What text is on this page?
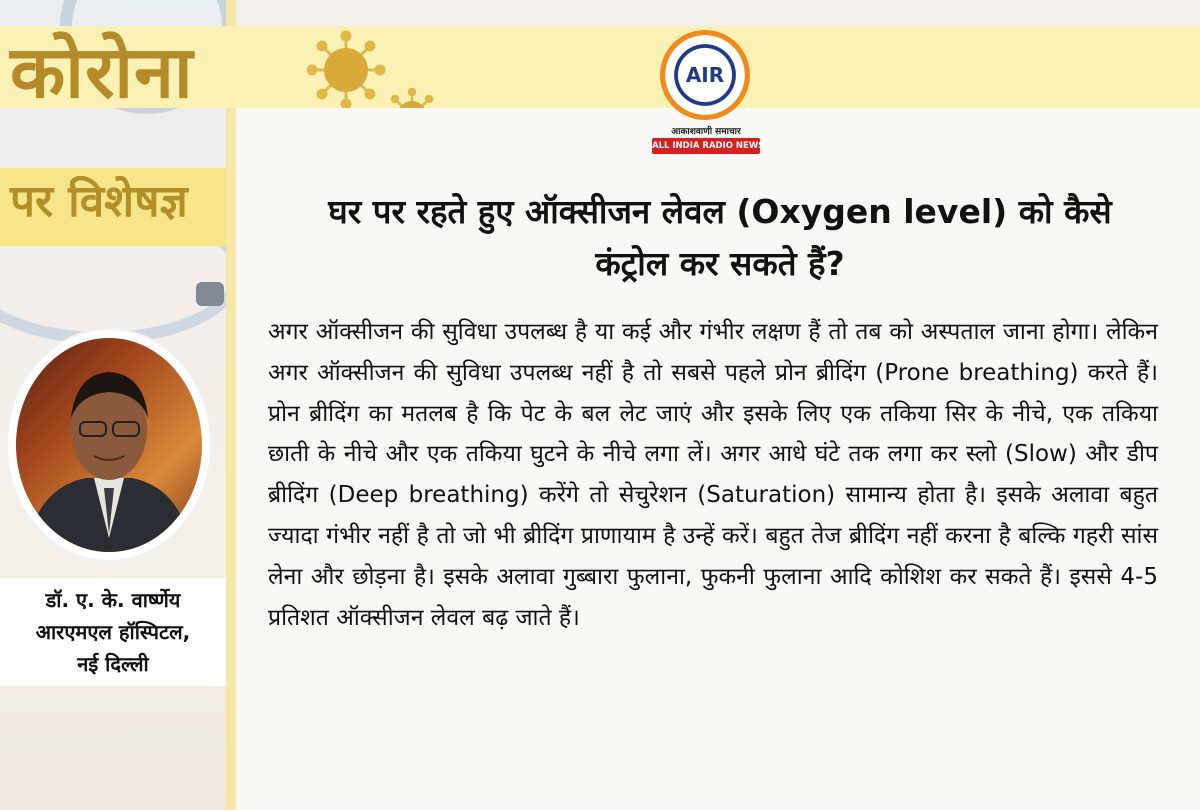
कोरोना
पर विशेषज्ञ
AIR
आकाशवाणी समाचार
ALL INDIA RADIO NEWS
घर पर रहते हुए ऑक्सीजन लेवल (Oxygen level) को कैसे
कंट्रोल कर सकते हैं?
अगर ऑक्सीजन की सुविधा उपलब्ध है या कई और गंभीर लक्षण हैं तो तब को अस्पताल जाना होगा। लेकिन अगर ऑक्सीजन की सुविधा उपलब्ध नहीं है तो सबसे पहले प्रोन ब्रीदिंग (Prone breathing) करते हैं। प्रोन ब्रीदिंग का मतलब है कि पेट के बल लेट जाएं और इसके लिए एक तकिया सिर के नीचे, एक तकिया छाती के नीचे और एक तकिया घुटने के नीचे लगा लें। अगर आधे घंटे तक लगा कर स्लो (Slow) और डीप ब्रीदिंग (Deep breathing) करेंगे तो सेचुरेशन (Saturation) सामान्य होता है। इसके अलावा बहुत ज्यादा गंभीर नहीं है तो जो भी ब्रीदिंग प्राणायाम है उन्हें करें। बहुत तेज ब्रीदिंग नहीं करना है बल्कि गहरी सांस लेना और छोड़ना है। इसके अलावा गुब्बारा फुलाना, फुकनी फुलाना आदि कोशिश कर सकते हैं। इससे 4-5 प्रतिशत ऑक्सीजन लेवल बढ़ जाते हैं।
डॉ. ए. के. वार्ष्णेय
आरएमएल हॉस्पिटल,
नई दिल्ली
